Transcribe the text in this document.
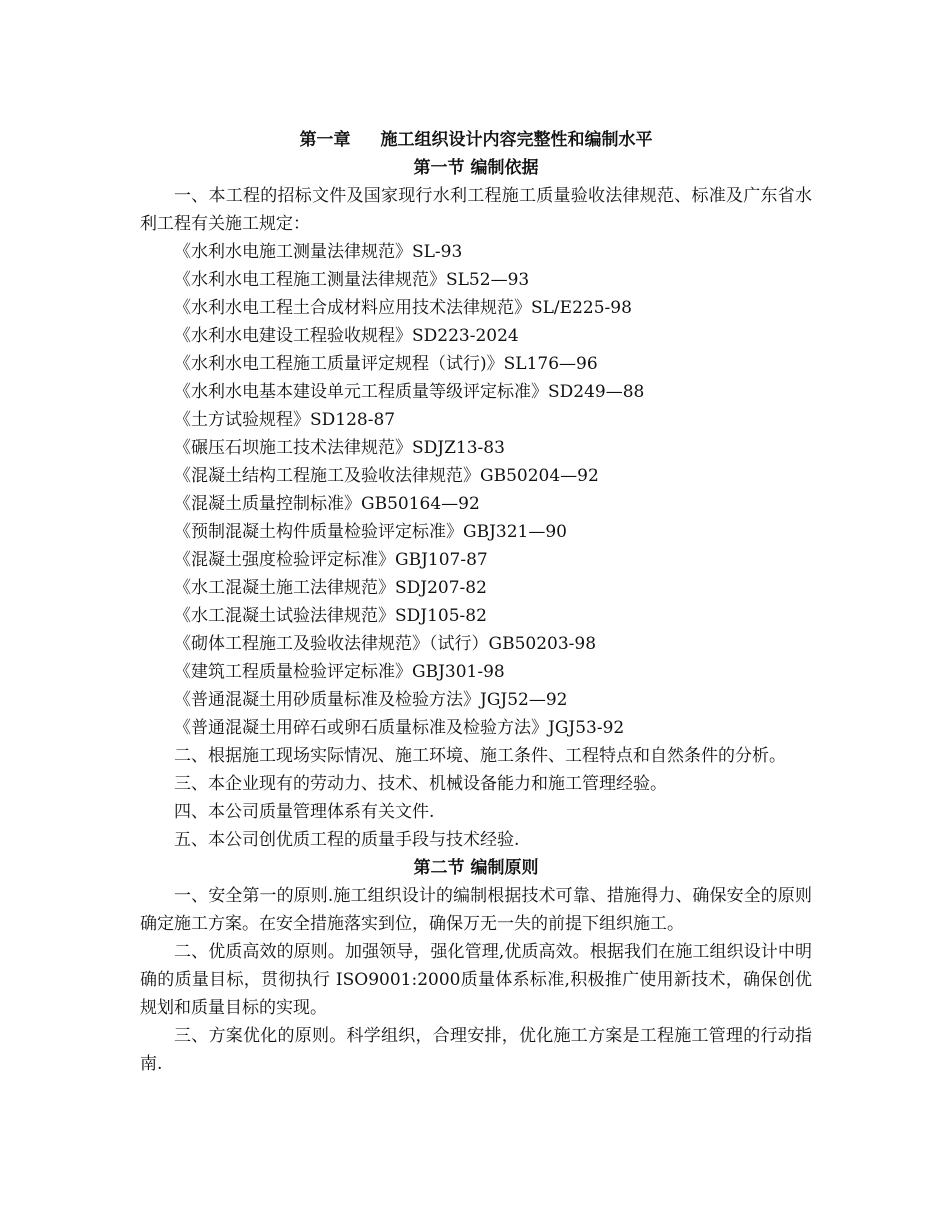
第一章 施工组织设计内容完整性和编制水平
第一节 编制依据

一、本工程的招标文件及国家现行水利工程施工质量验收法律规范、标准及广东省水利工程有关施工规定：

《水利水电施工测量法律规范》SL-93
《水利水电工程施工测量法律规范》SL52—93
《水利水电工程土合成材料应用技术法律规范》SL/E225-98
《水利水电建设工程验收规程》SD223-2024
《水利水电工程施工质量评定规程（试行)》SL176—96
《水利水电基本建设单元工程质量等级评定标准》SD249—88
《土方试验规程》SD128-87
《碾压石坝施工技术法律规范》SDJZ13-83
《混凝土结构工程施工及验收法律规范》GB50204—92
《混凝土质量控制标准》GB50164—92
《预制混凝土构件质量检验评定标准》GBJ321—90
《混凝土强度检验评定标准》GBJ107-87
《水工混凝土施工法律规范》SDJ207-82
《水工混凝土试验法律规范》SDJ105-82
《砌体工程施工及验收法律规范》（试行）GB50203-98
《建筑工程质量检验评定标准》GBJ301-98
《普通混凝土用砂质量标准及检验方法》JGJ52—92
《普通混凝土用碎石或卵石质量标准及检验方法》JGJ53-92

二、根据施工现场实际情况、施工环境、施工条件、工程特点和自然条件的分析。

三、本企业现有的劳动力、技术、机械设备能力和施工管理经验。

四、本公司质量管理体系有关文件.

五、本公司创优质工程的质量手段与技术经验.

第二节 编制原则

一、安全第一的原则.施工组织设计的编制根据技术可靠、措施得力、确保安全的原则确定施工方案。在安全措施落实到位，确保万无一失的前提下组织施工。

二、优质高效的原则。加强领导，强化管理,优质高效。根据我们在施工组织设计中明确的质量目标，贯彻执行 ISO9001:2000质量体系标准,积极推广使用新技术，确保创优规划和质量目标的实现。

三、方案优化的原则。科学组织，合理安排，优化施工方案是工程施工管理的行动指南.
